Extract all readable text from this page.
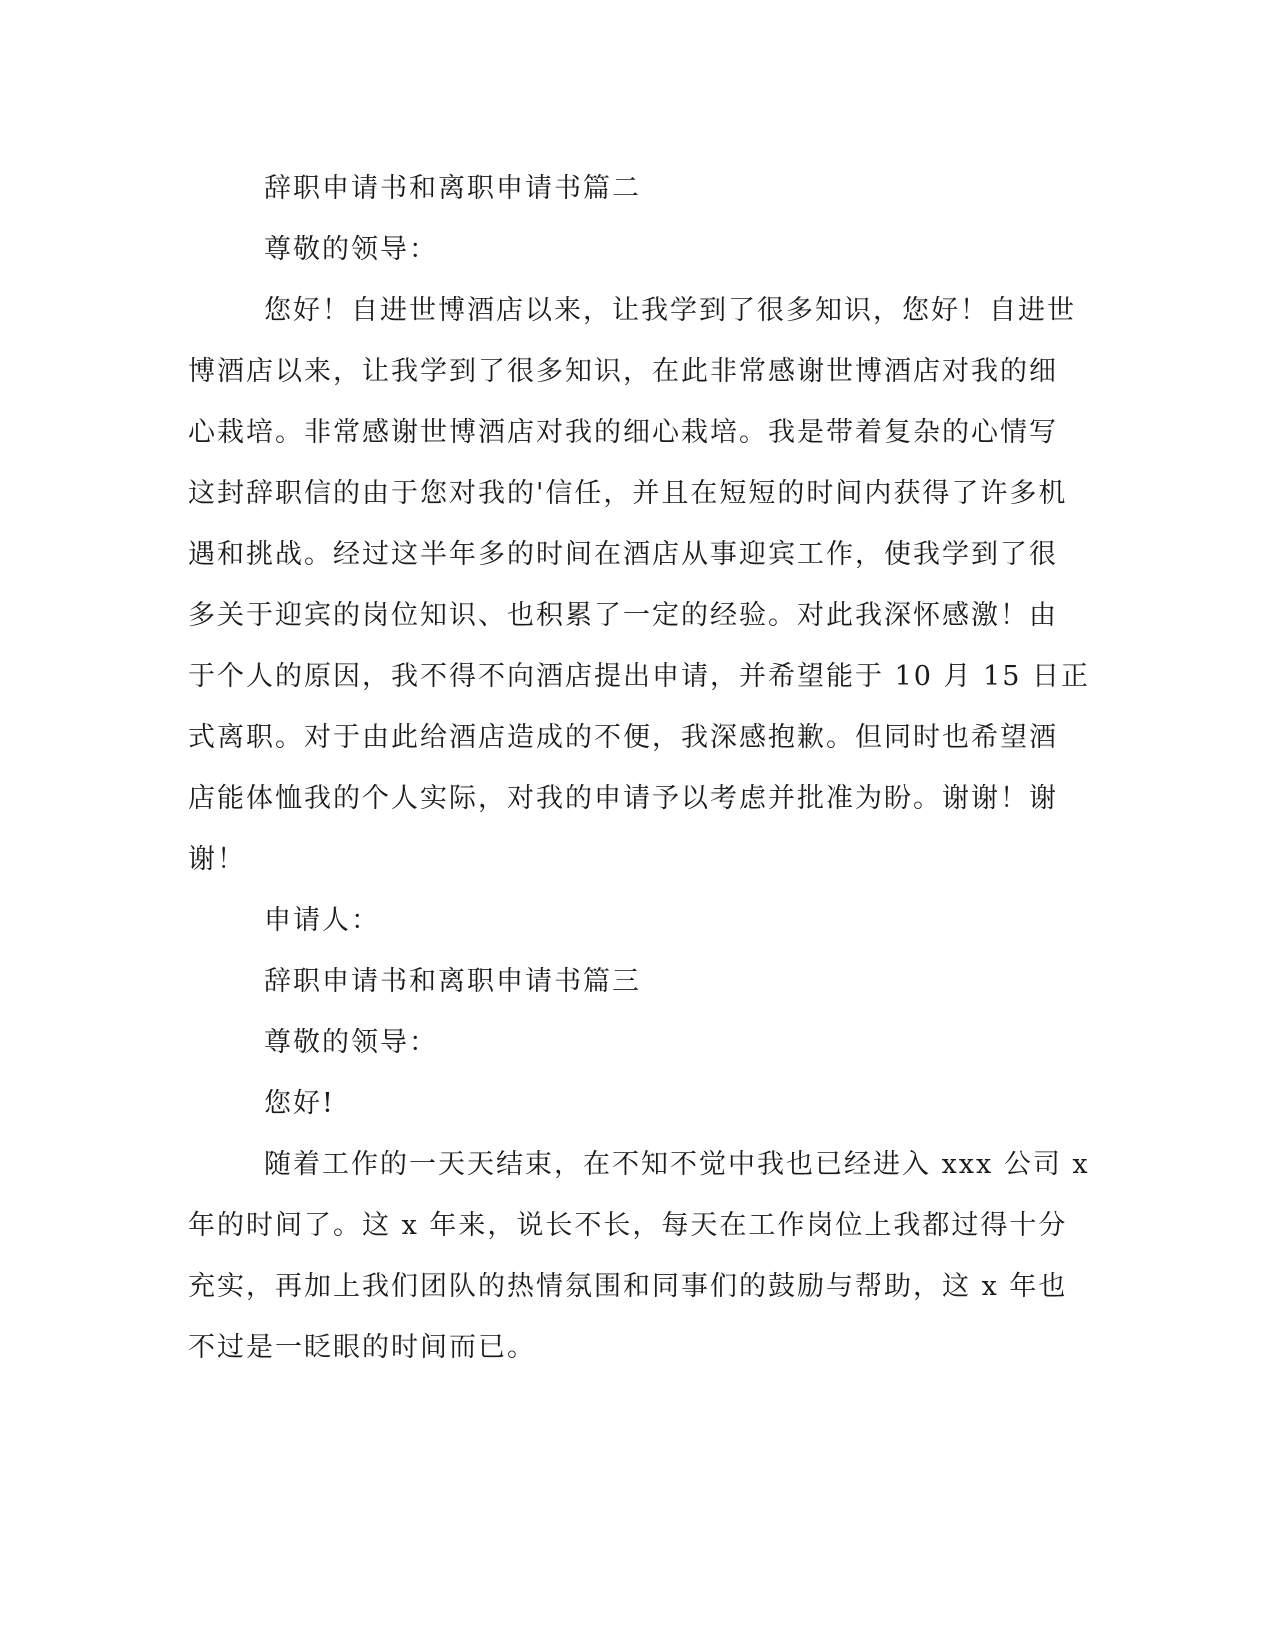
辞职申请书和离职申请书篇二
尊敬的领导：
您好！自进世博酒店以来，让我学到了很多知识，您好！自进世
博酒店以来，让我学到了很多知识，在此非常感谢世博酒店对我的细
心栽培。非常感谢世博酒店对我的细心栽培。我是带着复杂的心情写
这封辞职信的由于您对我的'信任，并且在短短的时间内获得了许多机
遇和挑战。经过这半年多的时间在酒店从事迎宾工作，使我学到了很
多关于迎宾的岗位知识、也积累了一定的经验。对此我深怀感激！由
于个人的原因，我不得不向酒店提出申请，并希望能于 10 月 15 日正
式离职。对于由此给酒店造成的不便，我深感抱歉。但同时也希望酒
店能体恤我的个人实际，对我的申请予以考虑并批准为盼。谢谢！谢
谢！
申请人：
辞职申请书和离职申请书篇三
尊敬的领导：
您好!
随着工作的一天天结束，在不知不觉中我也已经进入 xxx 公司 x
年的时间了。这 x 年来，说长不长，每天在工作岗位上我都过得十分
充实，再加上我们团队的热情氛围和同事们的鼓励与帮助，这 x 年也
不过是一眨眼的时间而已。
